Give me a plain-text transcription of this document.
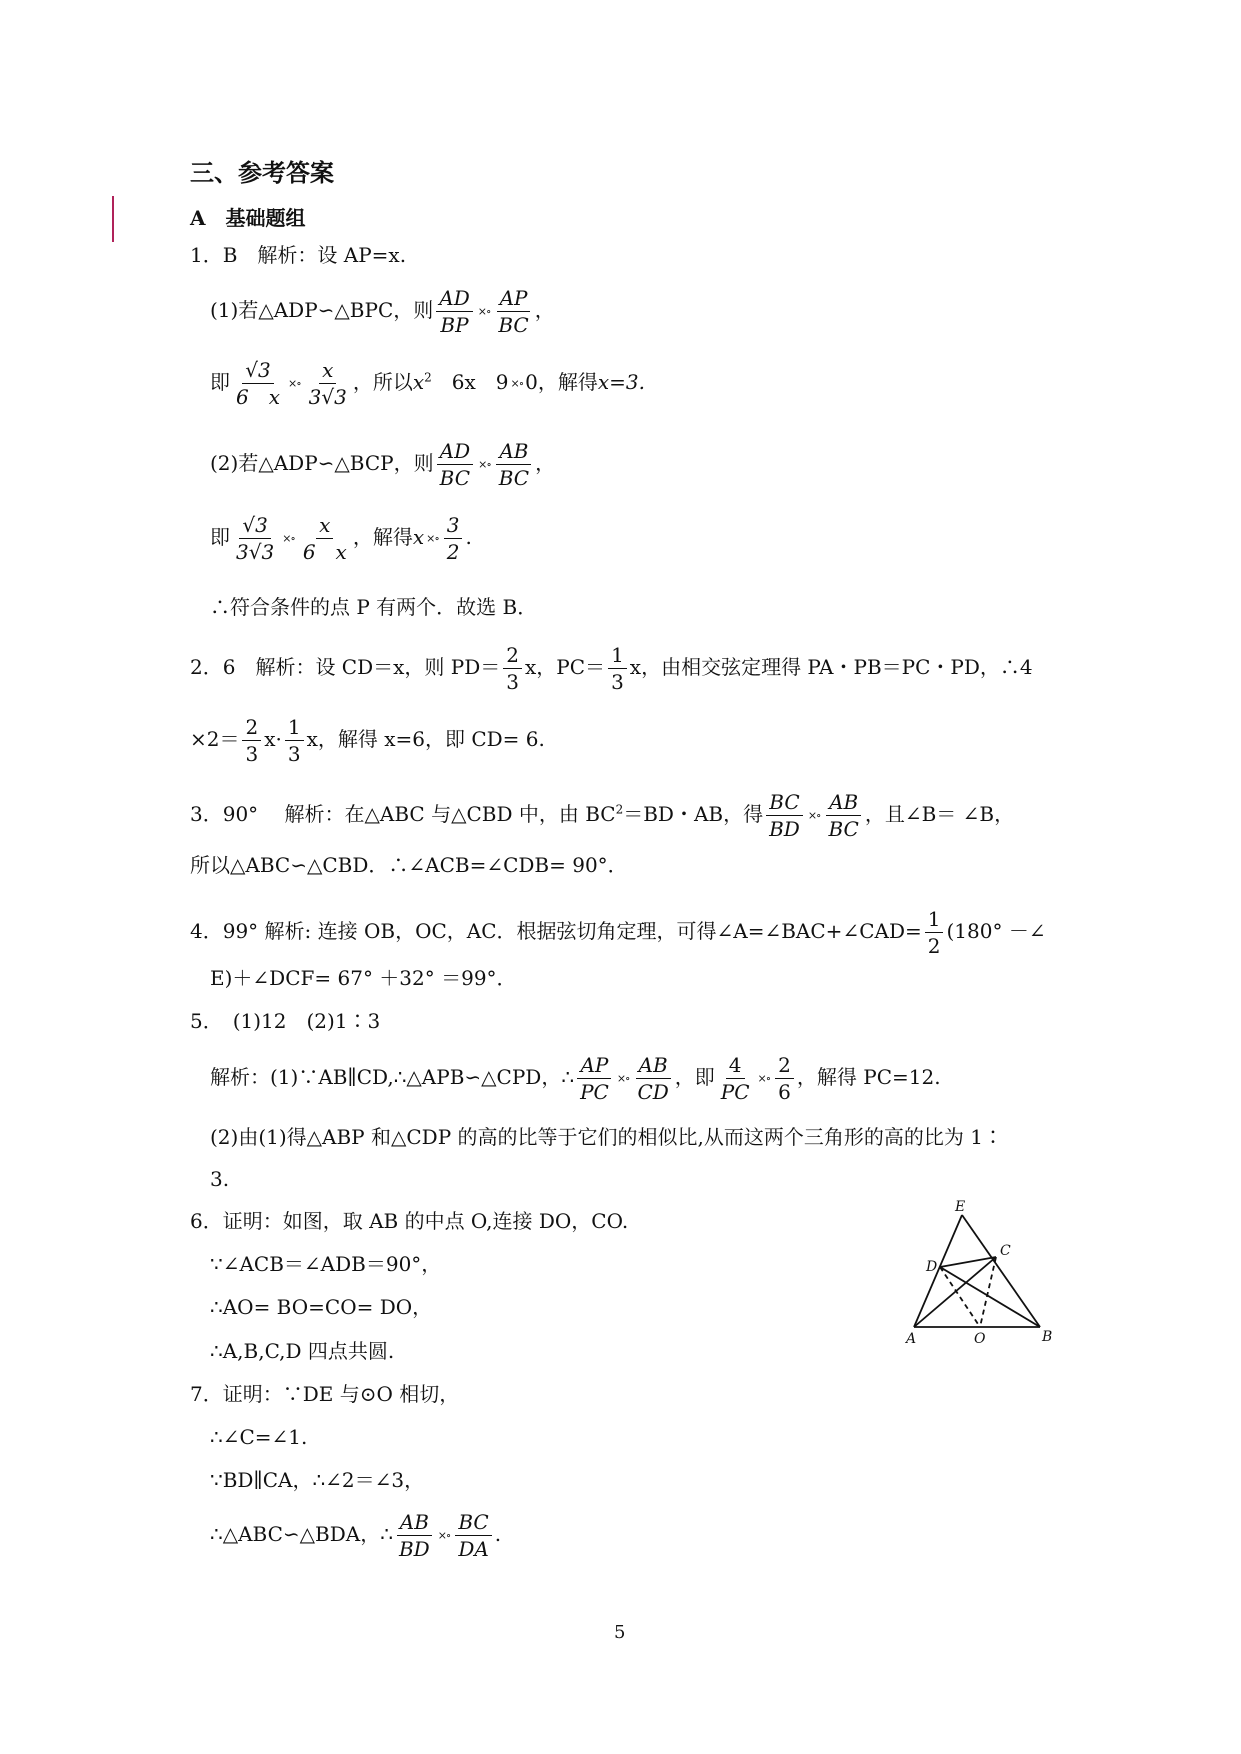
三、参考答案
A　基础题组
1．B　解析：设 AP=x.
(1)若△ADP∽△BPC，则 $\frac{AD}{BP}$ ×∘ $\frac{AP}{BC}$ ，
即 $\frac{√3}{6 x}$ ×∘ $\frac{x}{3√3}$ ，所以$x^2$　6x　9 ×∘ 0，解得x=3.
(2)若△ADP∽△BCP，则 $\frac{AD}{BC}$ ×∘ $\frac{AB}{BC}$ ，
即 $\frac{√3}{3√3}$ ×∘ $\frac{x}{6 x}$ ，解得x ×∘ $\frac{3}{2}$ .
∴符合条件的点 P 有两个．故选 B．
2．6　解析：设 CD＝x，则 $PD= \frac{2}{3}$ x，$PC= \frac{1}{3}$ x，由相交弦定理得 PA・PB＝PC・PD，∴4
$\times 2= \frac{2}{3} x\cdot \frac{1}{3}$ x，解得 x=6，即 CD= 6.
3．90°　 解析：在△ABC 与△CBD 中，由 $BC^2=BD$・AB，得 $\frac{BC}{BD}$ ×∘ $\frac{AB}{BC}$ ，且∠B＝ ∠B，
所以△ABC∽△CBD．∴∠ACB=∠CDB= 90°．
4．99° 解析: 连接 OB，OC，AC．根据弦切角定理，可得∠A=∠BAC+∠CAD= $\frac{1}{2} (180^\circ$ －∠
E)＋∠DCF= 67° ＋32° ＝99°．
5．　(1)12　(2)1∶3
解析：(1)∵AB∥CD,∴△APB∽△CPD，∴ $\frac{AP}{PC}$ ×∘ $\frac{AB}{CD}$ ，即 $\frac{4}{PC}$ ×∘ $\frac{2}{6}$ ，解得 PC=12.
(2)由(1)得△ABP 和△CDP 的高的比等于它们的相似比,从而这两个三角形的高的比为 1∶
3.
6．证明：如图，取 AB 的中点 O,连接 DO，CO.
∵∠ACB＝∠ADB＝90°，
∴AO= BO=CO= DO，
∴A,B,C,D 四点共圆.
E
C
D
A	O	B
7．证明：∵DE 与⊙O 相切，
∴∠C=∠1.
∵BD∥CA，∴∠2＝∠3，
∴△ABC∽△BDA，∴ $\frac{AB}{BD}$ ×∘ $\frac{BC}{DA}$ .
5
